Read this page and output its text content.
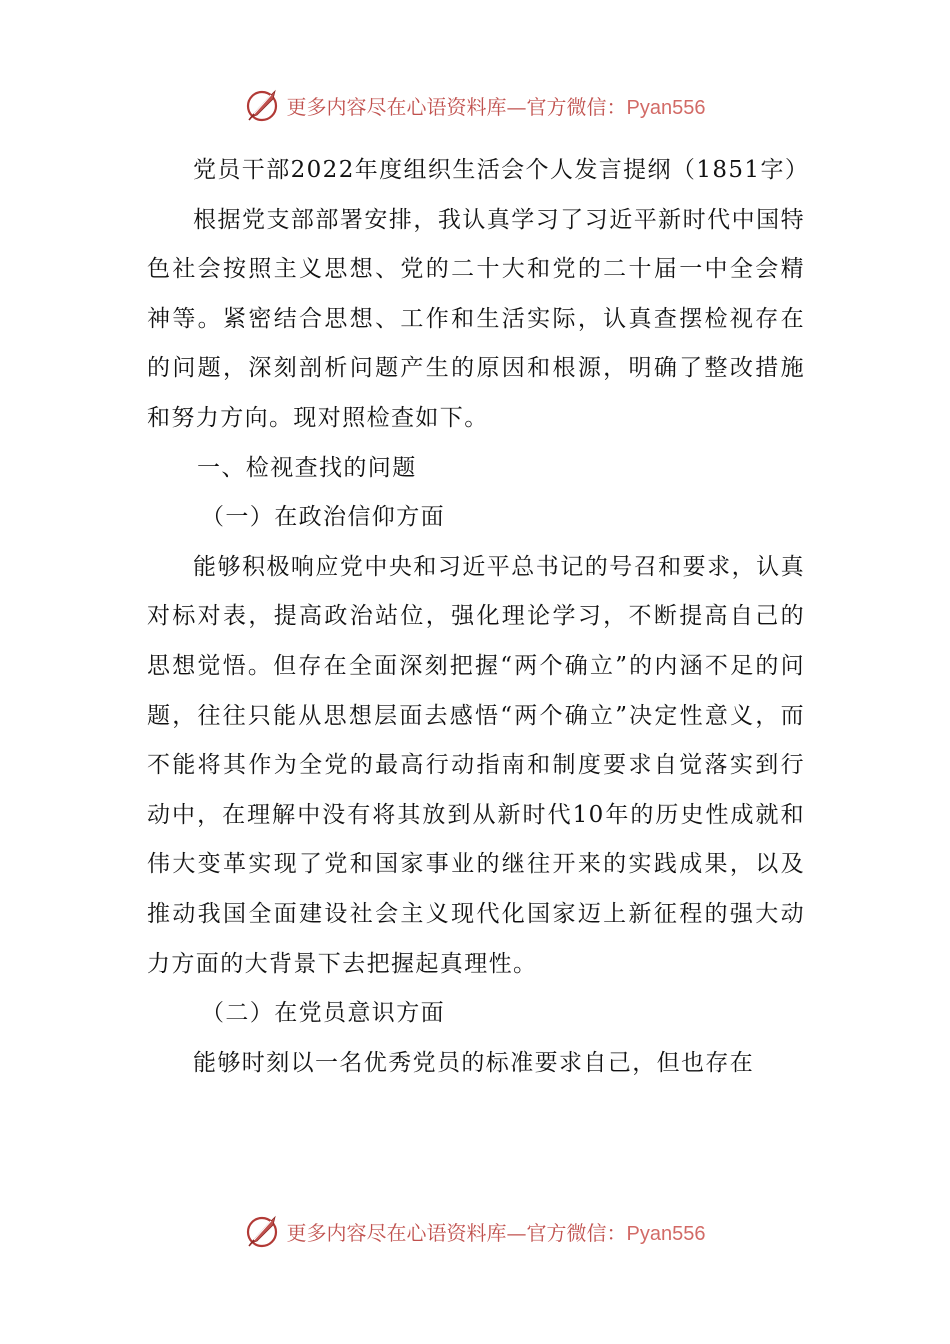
更多内容尽在心语资料库—官方微信：Pyan556

党员干部2022年度组织生活会个人发言提纲（1851字）

根据党支部部署安排，我认真学习了习近平新时代中国特色社会按照主义思想、党的二十大和党的二十届一中全会精神等。紧密结合思想、工作和生活实际，认真查摆检视存在的问题，深刻剖析问题产生的原因和根源，明确了整改措施和努力方向。现对照检查如下。

一、检视查找的问题

（一）在政治信仰方面

能够积极响应党中央和习近平总书记的号召和要求，认真对标对表，提高政治站位，强化理论学习，不断提高自己的思想觉悟。但存在全面深刻把握“两个确立”的内涵不足的问题，往往只能从思想层面去感悟“两个确立”决定性意义，而不能将其作为全党的最高行动指南和制度要求自觉落实到行动中，在理解中没有将其放到从新时代10年的历史性成就和伟大变革实现了党和国家事业的继往开来的实践成果，以及推动我国全面建设社会主义现代化国家迈上新征程的强大动力方面的大背景下去把握起真理性。

（二）在党员意识方面

能够时刻以一名优秀党员的标准要求自己，但也存在

更多内容尽在心语资料库—官方微信：Pyan556
